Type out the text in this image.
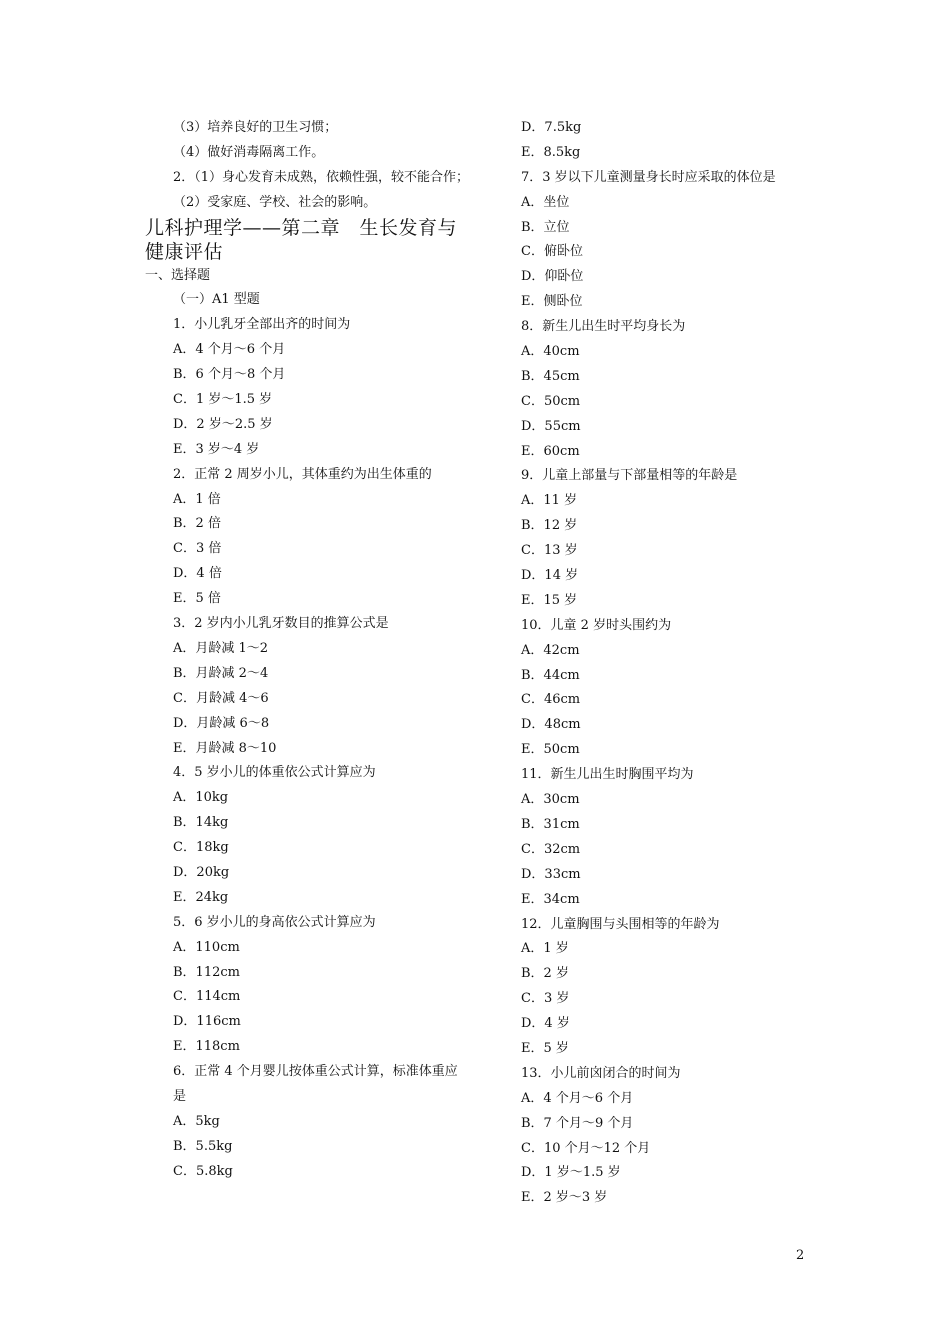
（3）培养良好的卫生习惯；
（4）做好消毒隔离工作。
2．（1）身心发育未成熟，依赖性强，较不能合作；
（2）受家庭、学校、社会的影响。
儿科护理学——第二章　生长发育与健康评估
一、选择题
（一）A1 型题
1．小儿乳牙全部出齐的时间为
A．4 个月～6 个月
B．6 个月～8 个月
C．1 岁～1.5 岁
D．2 岁～2.5 岁
E．3 岁～4 岁
2．正常 2 周岁小儿，其体重约为出生体重的
A．1 倍
B．2 倍
C．3 倍
D．4 倍
E．5 倍
3．2 岁内小儿乳牙数目的推算公式是
A．月龄减 1～2
B．月龄减 2～4
C．月龄减 4～6
D．月龄减 6～8
E．月龄减 8～10
4．5 岁小儿的体重依公式计算应为
A．10kg
B．14kg
C．18kg
D．20kg
E．24kg
5．6 岁小儿的身高依公式计算应为
A．110cm
B．112cm
C．114cm
D．116cm
E．118cm
6．正常 4 个月婴儿按体重公式计算，标准体重应是
A．5kg
B．5.5kg
C．5.8kg
D．7.5kg
E．8.5kg
7．3 岁以下儿童测量身长时应采取的体位是
A．坐位
B．立位
C．俯卧位
D．仰卧位
E．侧卧位
8．新生儿出生时平均身长为
A．40cm
B．45cm
C．50cm
D．55cm
E．60cm
9．儿童上部量与下部量相等的年龄是
A．11 岁
B．12 岁
C．13 岁
D．14 岁
E．15 岁
10．儿童 2 岁时头围约为
A．42cm
B．44cm
C．46cm
D．48cm
E．50cm
11．新生儿出生时胸围平均为
A．30cm
B．31cm
C．32cm
D．33cm
E．34cm
12．儿童胸围与头围相等的年龄为
A．1 岁
B．2 岁
C．3 岁
D．4 岁
E．5 岁
13．小儿前囟闭合的时间为
A．4 个月～6 个月
B．7 个月～9 个月
C．10 个月～12 个月
D．1 岁～1.5 岁
E．2 岁～3 岁
2
